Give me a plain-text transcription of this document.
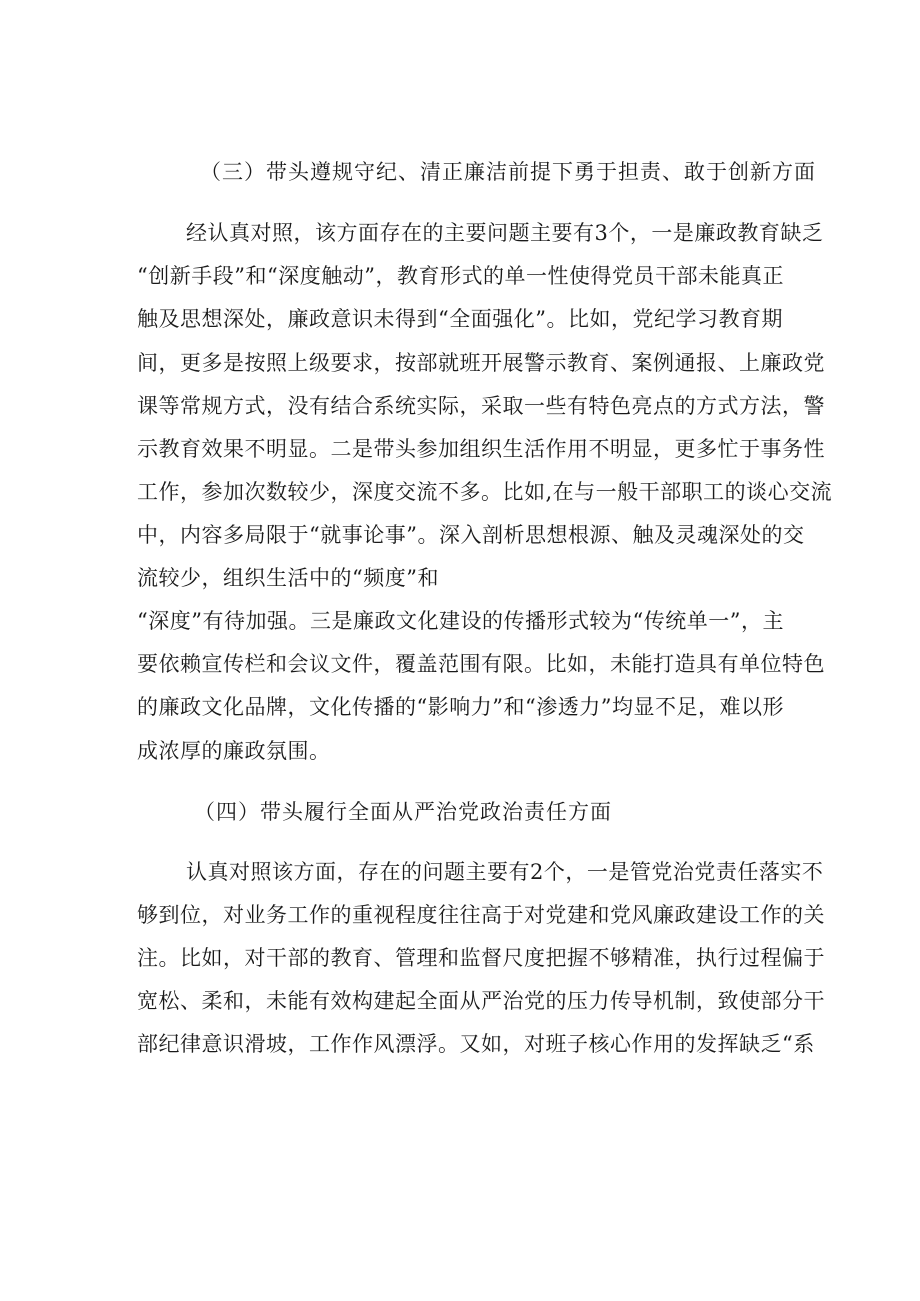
（三）带头遵规守纪、清正廉洁前提下勇于担责、敢于创新方面
经认真对照，该方面存在的主要问题主要有3个，一是廉政教育缺乏
“创新手段”和“深度触动”，教育形式的单一性使得党员干部未能真正
触及思想深处，廉政意识未得到“全面强化”。比如，党纪学习教育期
间，更多是按照上级要求，按部就班开展警示教育、案例通报、上廉政党
课等常规方式，没有结合系统实际，采取一些有特色亮点的方式方法，警
示教育效果不明显。二是带头参加组织生活作用不明显，更多忙于事务性
工作，参加次数较少，深度交流不多。比如,在与一般干部职工的谈心交流
中，内容多局限于“就事论事”。深入剖析思想根源、触及灵魂深处的交
流较少，组织生活中的“频度”和
“深度”有待加强。三是廉政文化建设的传播形式较为“传统单一”，主
要依赖宣传栏和会议文件，覆盖范围有限。比如，未能打造具有单位特色
的廉政文化品牌，文化传播的“影响力”和“渗透力”均显不足，难以形
成浓厚的廉政氛围。
（四）带头履行全面从严治党政治责任方面
认真对照该方面，存在的问题主要有2个，一是管党治党责任落实不
够到位，对业务工作的重视程度往往高于对党建和党风廉政建设工作的关
注。比如，对干部的教育、管理和监督尺度把握不够精准，执行过程偏于
宽松、柔和，未能有效构建起全面从严治党的压力传导机制，致使部分干
部纪律意识滑坡，工作作风漂浮。又如，对班子核心作用的发挥缺乏“系
